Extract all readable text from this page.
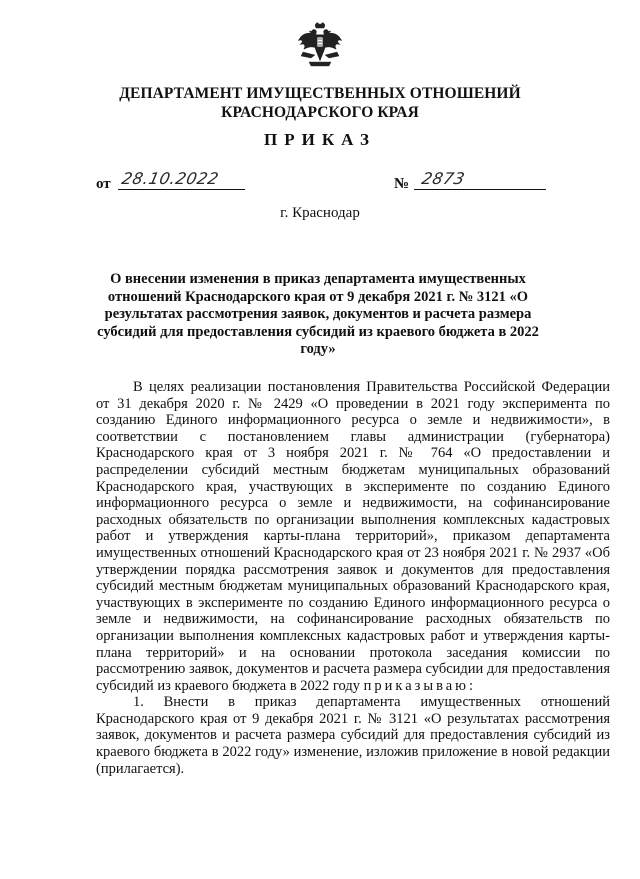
ДЕПАРТАМЕНТ ИМУЩЕСТВЕННЫХ ОТНОШЕНИЙ
КРАСНОДАРСКОГО КРАЯ
ПРИКАЗ
от 28.10.2022	№ 2873
г. Краснодар
О внесении изменения в приказ департамента имущественных отношений Краснодарского края от 9 декабря 2021 г. № 3121 «О результатах рассмотрения заявок, документов и расчета размера субсидий для предоставления субсидий из краевого бюджета в 2022 году»

В целях реализации постановления Правительства Российской Федерации от 31 декабря 2020 г. № 2429 «О проведении в 2021 году эксперимента по созданию Единого информационного ресурса о земле и недвижимости», в соответствии с постановлением главы администрации (губернатора) Краснодарского края от 3 ноября 2021 г. № 764 «О предоставлении и распределении субсидий местным бюджетам муниципальных образований Краснодарского края, участвующих в эксперименте по созданию Единого информационного ресурса о земле и недвижимости, на софинансирование расходных обязательств по организации выполнения комплексных кадастровых работ и утверждения карты-плана территорий», приказом департамента имущественных отношений Краснодарского края от 23 ноября 2021 г. № 2937 «Об утверждении порядка рассмотрения заявок и документов для предоставления субсидий местным бюджетам муниципальных образований Краснодарского края, участвующих в эксперименте по созданию Единого информационного ресурса о земле и недвижимости, на софинансирование расходных обязательств по организации выполнения комплексных кадастровых работ и утверждения карты-плана территорий» и на основании протокола заседания комиссии по рассмотрению заявок, документов и расчета размера субсидии для предоставления субсидий из краевого бюджета в 2022 году приказываю:

1. Внести в приказ департамента имущественных отношений Краснодарского края от 9 декабря 2021 г. № 3121 «О результатах рассмотрения заявок, документов и расчета размера субсидий для предоставления субсидий из краевого бюджета в 2022 году» изменение, изложив приложение в новой редакции (прилагается).
